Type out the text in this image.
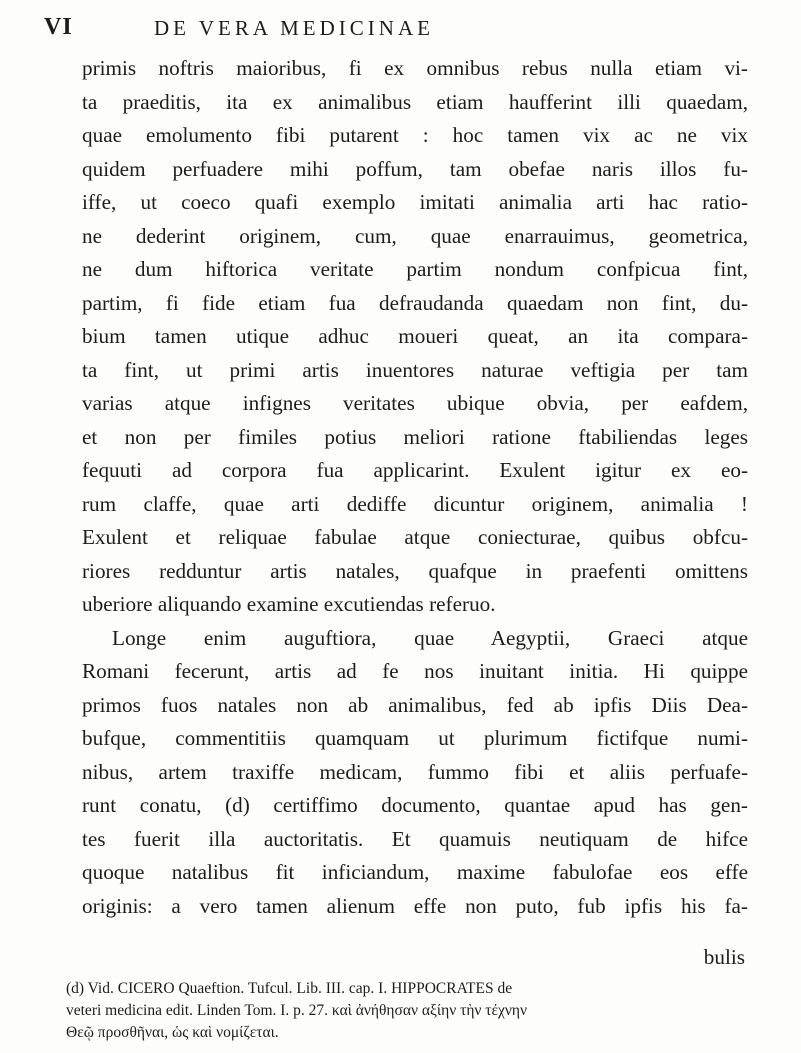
VI	DE VERA MEDICINAE
primis noftris maioribus, fi ex omnibus rebus nulla etiam vi-
ta praeditis, ita ex animalibus etiam haufferint illi quaedam,
quae emolumento fibi putarent : hoc tamen vix ac ne vix
quidem perfuadere mihi poffum, tam obefae naris illos fu-
iffe, ut coeco quafi exemplo imitati animalia arti hac ratio-
ne dederint originem, cum, quae enarrauimus, geometrica,
ne dum hiftorica veritate partim nondum confpicua fint,
partim, fi fide etiam fua defraudanda quaedam non fint, du-
bium tamen utique adhuc moueri queat, an ita compara-
ta fint, ut primi artis inuentores naturae veftigia per tam
varias atque infignes veritates ubique obvia, per eafdem,
et non per fimiles potius meliori ratione ftabiliendas leges
fequuti ad corpora fua applicarint. Exulent igitur ex eo-
rum claffe, quae arti dediffe dicuntur originem, animalia !
Exulent et reliquae fabulae atque coniecturae, quibus obfcu-
riores redduntur artis natales, quafque in praefenti omittens
uberiore aliquando examine excutiendas referuo.
Longe enim auguftiora, quae Aegyptii, Graeci atque
Romani fecerunt, artis ad fe nos inuitant initia. Hi quippe
primos fuos natales non ab animalibus, fed ab ipfis Diis Dea-
bufque, commentitiis quamquam ut plurimum fictifque numi-
nibus, artem traxiffe medicam, fummo fibi et aliis perfuafe-
runt conatu, (d) certiffimo documento, quantae apud has gen-
tes fuerit illa auctoritatis. Et quamuis neutiquam de hifce
quoque natalibus fit inficiandum, maxime fabulofae eos effe
originis: a vero tamen alienum effe non puto, fub ipfis his fa-
bulis
(d) Vid. CICERO Quaeftion. Tufcul. Lib. III. cap. I. HIPPOCRATES de
veteri medicina edit. Linden Tom. I. p. 27. καὶ ἀνήθησαν αξίην τὴν τέχνην
Θεῷ προσθῆναι, ὡς καὶ νομίζεται.
